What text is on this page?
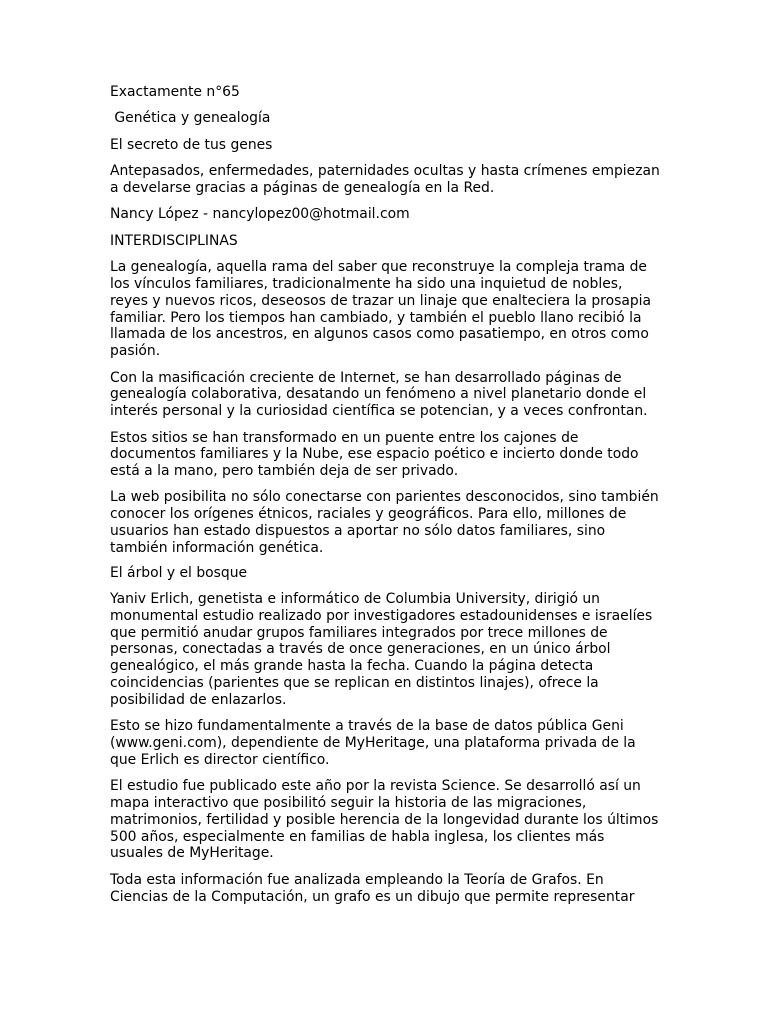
Exactamente n°65

Genética y genealogía

El secreto de tus genes

Antepasados, enfermedades, paternidades ocultas y hasta crímenes empiezan a develarse gracias a páginas de genealogía en la Red.

Nancy López - nancylopez00@hotmail.com

INTERDISCIPLINAS

La genealogía, aquella rama del saber que reconstruye la compleja trama de los vínculos familiares, tradicionalmente ha sido una inquietud de nobles, reyes y nuevos ricos, deseosos de trazar un linaje que enalteciera la prosapia familiar. Pero los tiempos han cambiado, y también el pueblo llano recibió la llamada de los ancestros, en algunos casos como pasatiempo, en otros como pasión.

Con la masificación creciente de Internet, se han desarrollado páginas de genealogía colaborativa, desatando un fenómeno a nivel planetario donde el interés personal y la curiosidad científica se potencian, y a veces confrontan.

Estos sitios se han transformado en un puente entre los cajones de documentos familiares y la Nube, ese espacio poético e incierto donde todo está a la mano, pero también deja de ser privado.

La web posibilita no sólo conectarse con parientes desconocidos, sino también conocer los orígenes étnicos, raciales y geográficos. Para ello, millones de usuarios han estado dispuestos a aportar no sólo datos familiares, sino también información genética.

El árbol y el bosque

Yaniv Erlich, genetista e informático de Columbia University, dirigió un monumental estudio realizado por investigadores estadounidenses e israelíes que permitió anudar grupos familiares integrados por trece millones de personas, conectadas a través de once generaciones, en un único árbol genealógico, el más grande hasta la fecha. Cuando la página detecta coincidencias (parientes que se replican en distintos linajes), ofrece la posibilidad de enlazarlos.

Esto se hizo fundamentalmente a través de la base de datos pública Geni (www.geni.com), dependiente de MyHeritage, una plataforma privada de la que Erlich es director científico.

El estudio fue publicado este año por la revista Science. Se desarrolló así un mapa interactivo que posibilitó seguir la historia de las migraciones, matrimonios, fertilidad y posible herencia de la longevidad durante los últimos 500 años, especialmente en familias de habla inglesa, los clientes más usuales de MyHeritage.

Toda esta información fue analizada empleando la Teoría de Grafos. En Ciencias de la Computación, un grafo es un dibujo que permite representar
